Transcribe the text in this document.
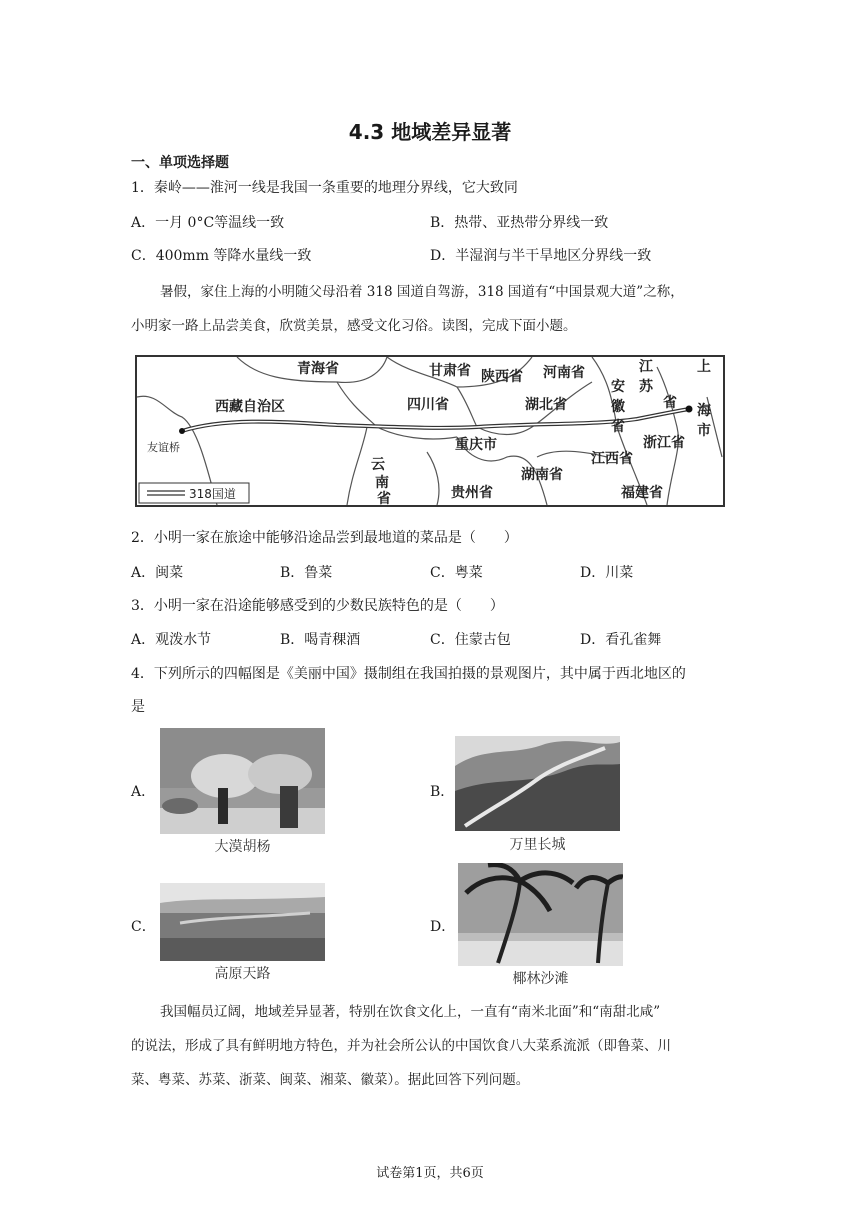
4.3 地域差异显著
一、单项选择题
1．秦岭——淮河一线是我国一条重要的地理分界线，它大致同
A．一月 0°C等温线一致	B．热带、亚热带分界线一致
C．400mm 等降水量线一致	D．半湿润与半干旱地区分界线一致
暑假，家住上海的小明随父母沿着 318 国道自驾游，318 国道有“中国景观大道”之称，
小明家一路上品尝美食，欣赏美景，感受文化习俗。读图，完成下面小题。
青海省	甘肃省 陕西省 河南省	江
苏
上
海
市
西藏自治区
安
徽
省
省
四川省	湖北省
友谊桥	重庆市	浙江省
江西省
云
南
省	贵州省
湖南省
福建省
318国道
2．小明一家在旅途中能够沿途品尝到最地道的菜品是（　　）
A．闽菜	B．鲁菜	C．粤菜	D．川菜
3．小明一家在沿途能够感受到的少数民族特色的是（　　）
A．观泼水节	B．喝青稞酒	C．住蒙古包	D．看孔雀舞
4．下列所示的四幅图是《美丽中国》摄制组在我国拍摄的景观图片，其中属于西北地区的
是
A．	B．
C．	D．
大漠胡杨	万里长城
高原天路	椰林沙滩
我国幅员辽阔，地域差异显著，特别在饮食文化上，一直有“南米北面”和“南甜北咸”
的说法，形成了具有鲜明地方特色，并为社会所公认的中国饮食八大菜系流派（即鲁菜、川
菜、粤菜、苏菜、浙菜、闽菜、湘菜、徽菜）。据此回答下列问题。
试卷第1页，共6页
